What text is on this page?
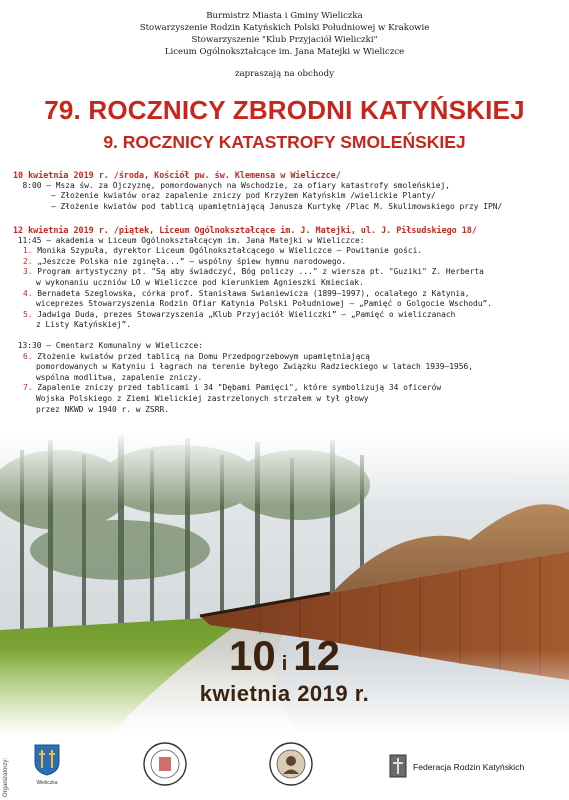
Burmistrz Miasta i Gminy Wieliczka
Stowarzyszenie Rodzin Katyńskich Polski Południowej w Krakowie
Stowarzyszenie "Klub Przyjaciół Wieliczki"
Liceum Ogólnokształcące im. Jana Matejki w Wieliczce
zapraszają na obchody
79. ROCZNICY ZBRODNI KATYŃSKIEJ
9. ROCZNICY KATASTROFY SMOLEŃSKIEJ
10 kwietnia 2019 r. /środa, Kościół pw. św. Klemensa w Wieliczce/
8:00 – Msza św. za Ojczyznę, pomordowanych na Wschodzie, za ofiary katastrofy smoleńskiej,
– Złożenie kwiatów oraz zapalenie zniczy pod Krzyżem Katyńskim /wielickie Planty/
– Złożenie kwiatów pod tablicą upamiętniającą Janusza Kurtykę /Plac M. Skulimowskiego przy IPN/
12 kwietnia 2019 r. /piątek, Liceum Ogólnokształcące im. J. Matejki, ul. J. Piłsudskiego 18/
11:45 – akademia w Liceum Ogólnokształcącym im. Jana Matejki w Wieliczce:
1. Monika Szypuła, dyrektor Liceum Ogólnokształcącego w Wieliczce – Powitanie gości.
2. „Jeszcze Polska nie zginęła...” – wspólny śpiew hymnu narodowego.
3. Program artystyczny pt. "Są aby świadczyć, Bóg policzy ..." z wiersza pt. "Guziki" Z. Herberta
w wykonaniu uczniów LO w Wieliczce pod kierunkiem Agnieszki Kmieciak.
4. Bernadeta Szeglowska, córka prof. Stanisława Swianiewicza (1899–1997), ocalałego z Katynia,
wiceprezes Stowarzyszenia Rodzin Ofiar Katynia Polski Południowej – „Pamięć o Golgocie Wschodu”.
5. Jadwiga Duda, prezes Stowarzyszenia „Klub Przyjaciół Wieliczki” – „Pamięć o wieliczanach
z Listy Katyńskiej”.
13:30 – Cmentarz Komunalny w Wieliczce:
6. Złożenie kwiatów przed tablicą na Domu Przedpogrzebowym upamiętniającą
pomordowanych w Katyniu i łagrach na terenie byłego Związku Radzieckiego w latach 1939–1956,
wspólna modlitwa, zapalenie zniczy.
7. Zapalenie zniczy przed tablicami i 34 "Dębami Pamięci", które symbolizują 34 oficerów
Wojska Polskiego z Ziemi Wielickiej zastrzelonych strzałem w tył głowy
przez NKWD w 1940 r. w ZSRR.
10 i 12
kwietnia 2019 r.
Organizatorzy:	Wieliczka
Federacja Rodzin Katyńskich
